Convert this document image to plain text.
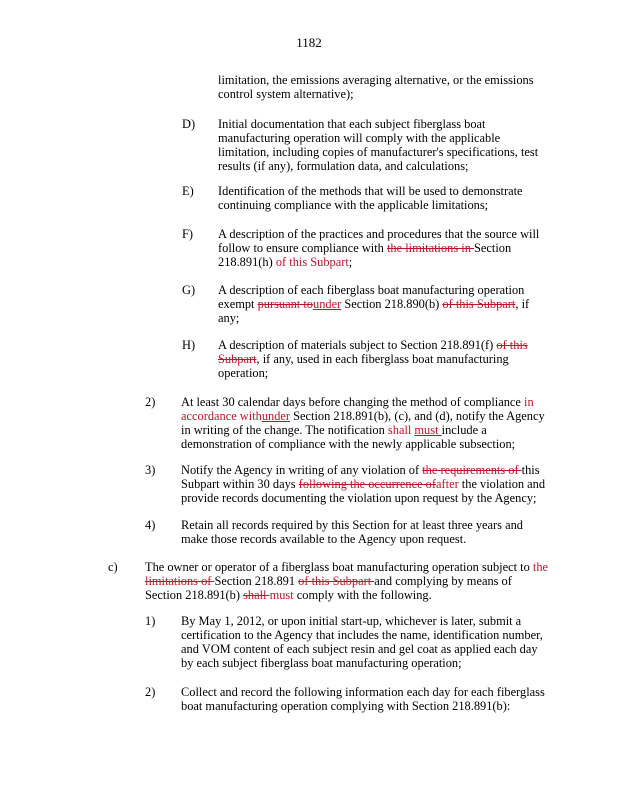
1182
limitation, the emissions averaging alternative, or the emissions control system alternative);
D) Initial documentation that each subject fiberglass boat manufacturing operation will comply with the applicable limitation, including copies of manufacturer's specifications, test results (if any), formulation data, and calculations;
E) Identification of the methods that will be used to demonstrate continuing compliance with the applicable limitations;
F) A description of the practices and procedures that the source will follow to ensure compliance with the limitations in Section 218.891(h) of this Subpart;
G) A description of each fiberglass boat manufacturing operation exempt pursuant tounder Section 218.890(b) of this Subpart, if any;
H) A description of materials subject to Section 218.891(f) of this Subpart, if any, used in each fiberglass boat manufacturing operation;
2) At least 30 calendar days before changing the method of compliance in accordance withunder Section 218.891(b), (c), and (d), notify the Agency in writing of the change. The notification shall must include a demonstration of compliance with the newly applicable subsection;
3) Notify the Agency in writing of any violation of the requirements of this Subpart within 30 days following the occurrence ofafter the violation and provide records documenting the violation upon request by the Agency;
4) Retain all records required by this Section for at least three years and make those records available to the Agency upon request.
c) The owner or operator of a fiberglass boat manufacturing operation subject to the limitations of Section 218.891 of this Subpart and complying by means of Section 218.891(b) shall must comply with the following.
1) By May 1, 2012, or upon initial start-up, whichever is later, submit a certification to the Agency that includes the name, identification number, and VOM content of each subject resin and gel coat as applied each day by each subject fiberglass boat manufacturing operation;
2) Collect and record the following information each day for each fiberglass boat manufacturing operation complying with Section 218.891(b):
